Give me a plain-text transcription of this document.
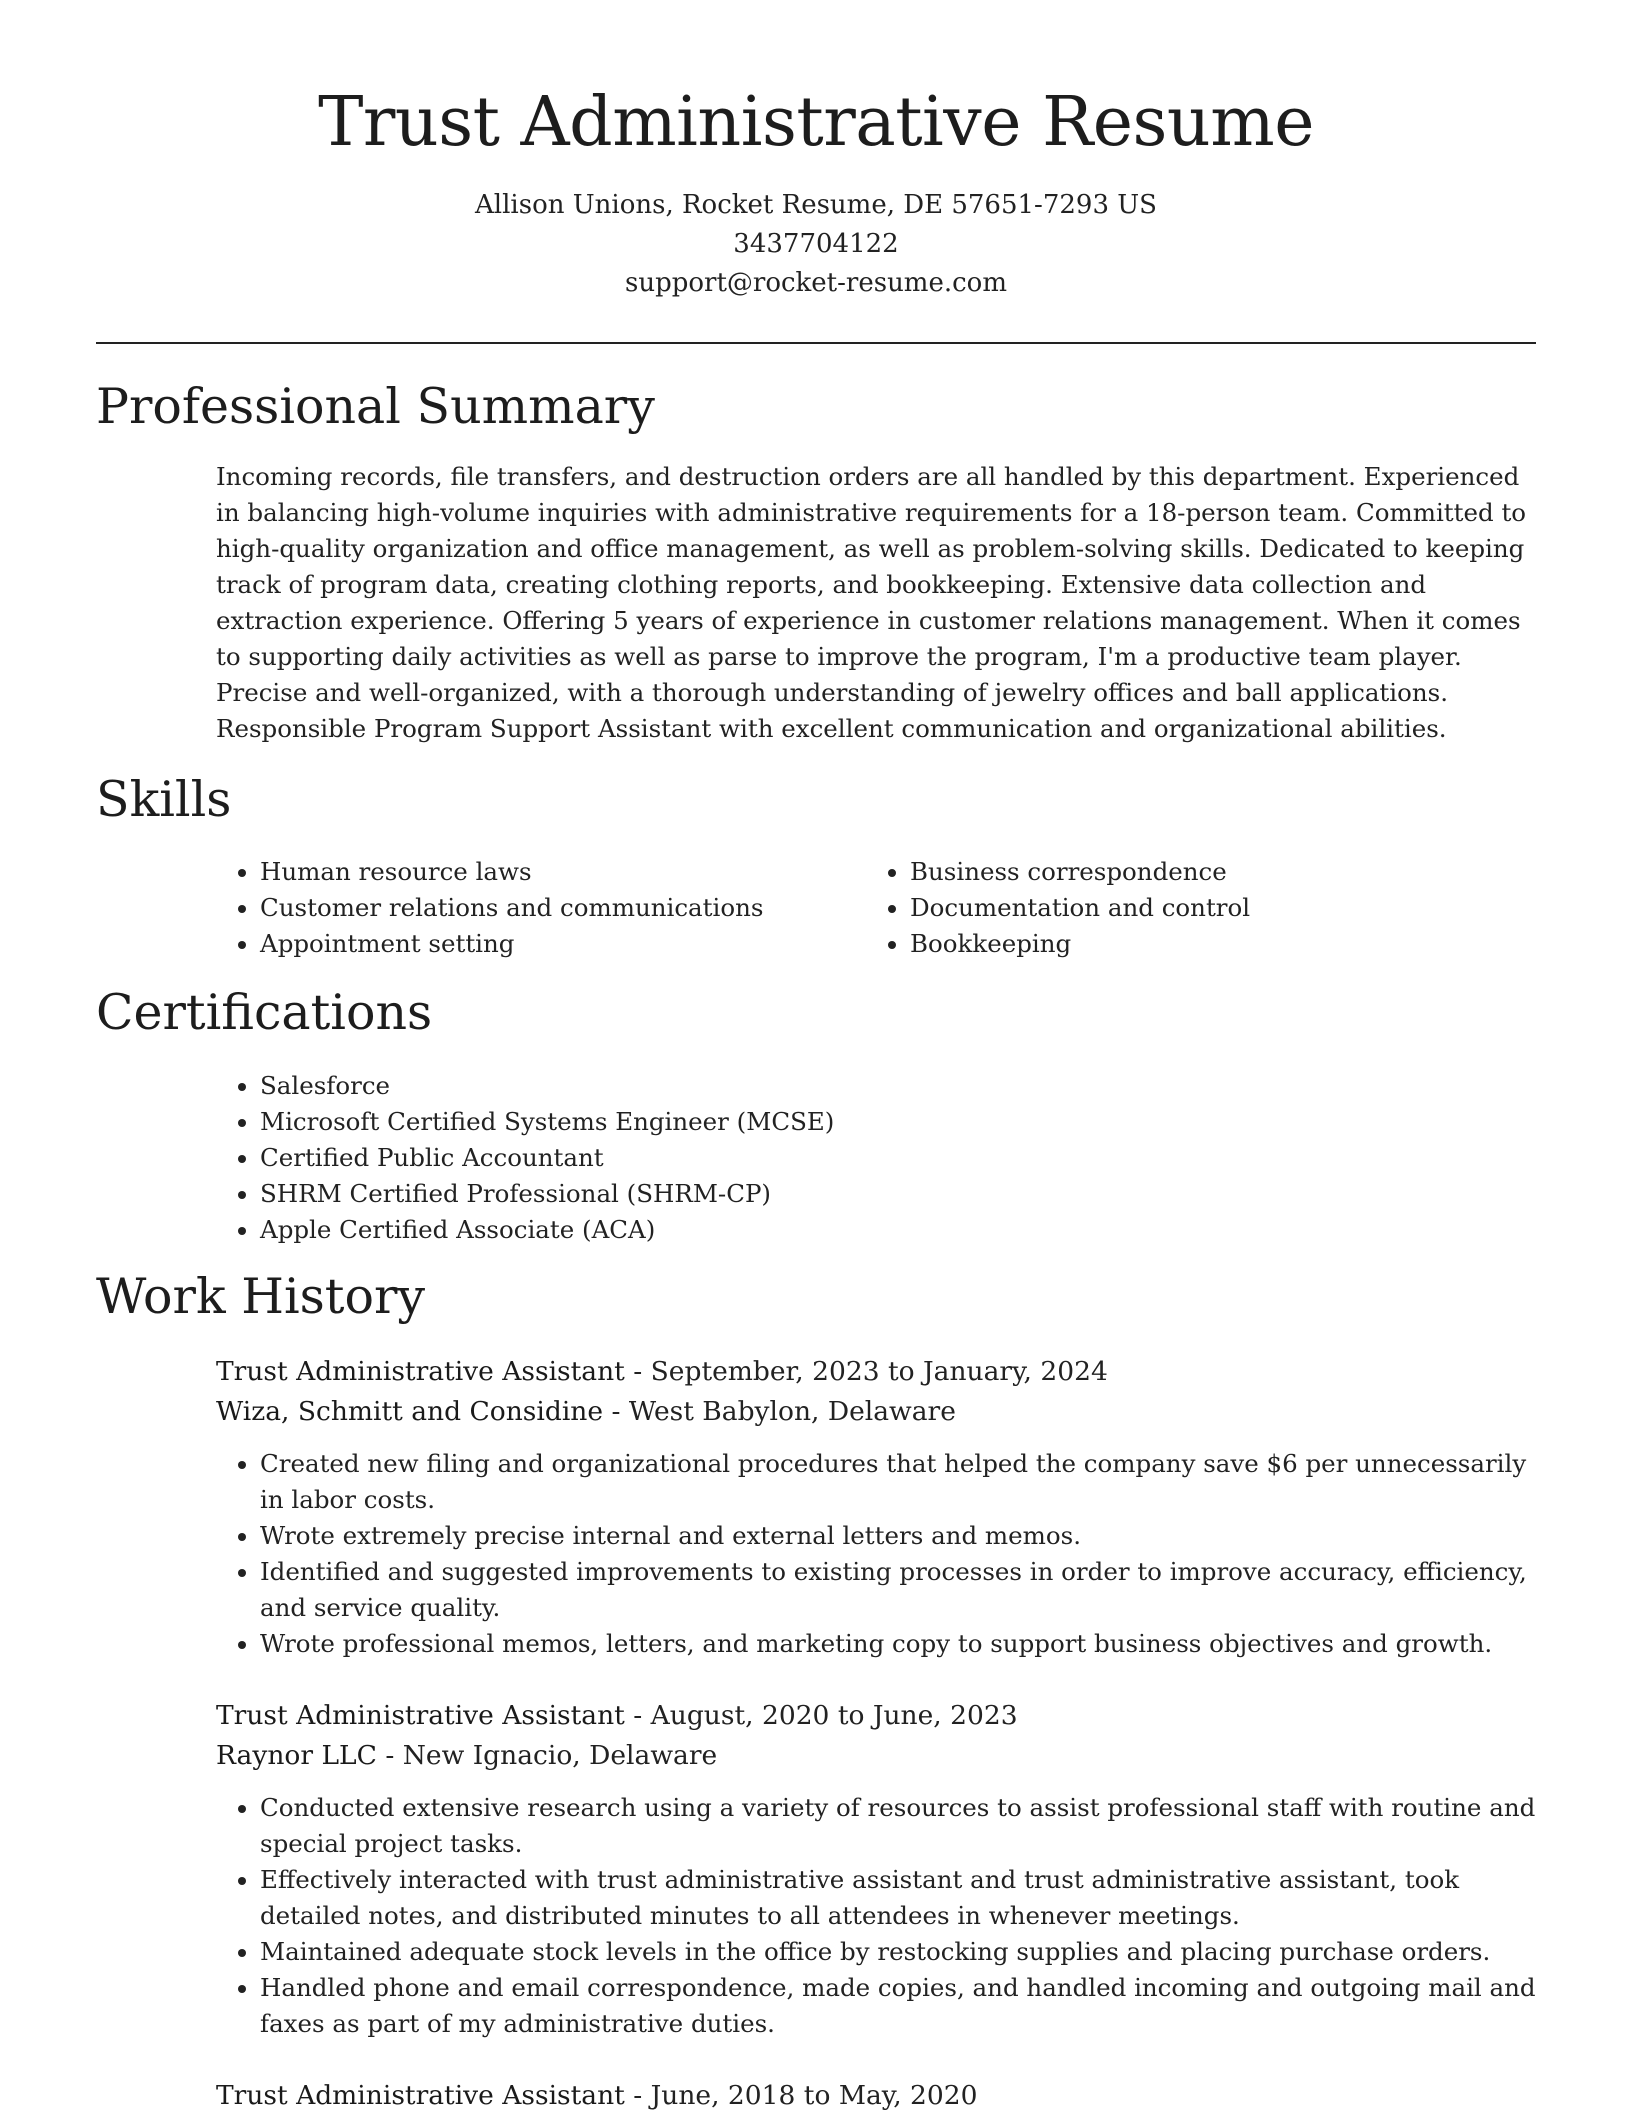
Trust Administrative Resume
Allison Unions, Rocket Resume, DE 57651-7293 US
3437704122
support@rocket-resume.com
Professional Summary

Incoming records, file transfers, and destruction orders are all handled by this department. Experienced in balancing high-volume inquiries with administrative requirements for a 18-person team. Committed to high-quality organization and office management, as well as problem-solving skills. Dedicated to keeping track of program data, creating clothing reports, and bookkeeping. Extensive data collection and extraction experience. Offering 5 years of experience in customer relations management. When it comes to supporting daily activities as well as parse to improve the program, I'm a productive team player. Precise and well-organized, with a thorough understanding of jewelry offices and ball applications. Responsible Program Support Assistant with excellent communication and organizational abilities.

Skills
• Human resource laws
• Customer relations and communications
• Appointment setting
• Business correspondence
• Documentation and control
• Bookkeeping
Certifications
• Salesforce
• Microsoft Certified Systems Engineer (MCSE)
• Certified Public Accountant
• SHRM Certified Professional (SHRM-CP)
• Apple Certified Associate (ACA)
Work History
Trust Administrative Assistant - September, 2023 to January, 2024
Wiza, Schmitt and Considine - West Babylon, Delaware
• Created new filing and organizational procedures that helped the company save $6 per unnecessarily in labor costs.
• Wrote extremely precise internal and external letters and memos.
• Identified and suggested improvements to existing processes in order to improve accuracy, efficiency, and service quality.
• Wrote professional memos, letters, and marketing copy to support business objectives and growth.
Trust Administrative Assistant - August, 2020 to June, 2023
Raynor LLC - New Ignacio, Delaware
• Conducted extensive research using a variety of resources to assist professional staff with routine and special project tasks.
• Effectively interacted with trust administrative assistant and trust administrative assistant, took detailed notes, and distributed minutes to all attendees in whenever meetings.
• Maintained adequate stock levels in the office by restocking supplies and placing purchase orders.
• Handled phone and email correspondence, made copies, and handled incoming and outgoing mail and faxes as part of my administrative duties.
Trust Administrative Assistant - June, 2018 to May, 2020
